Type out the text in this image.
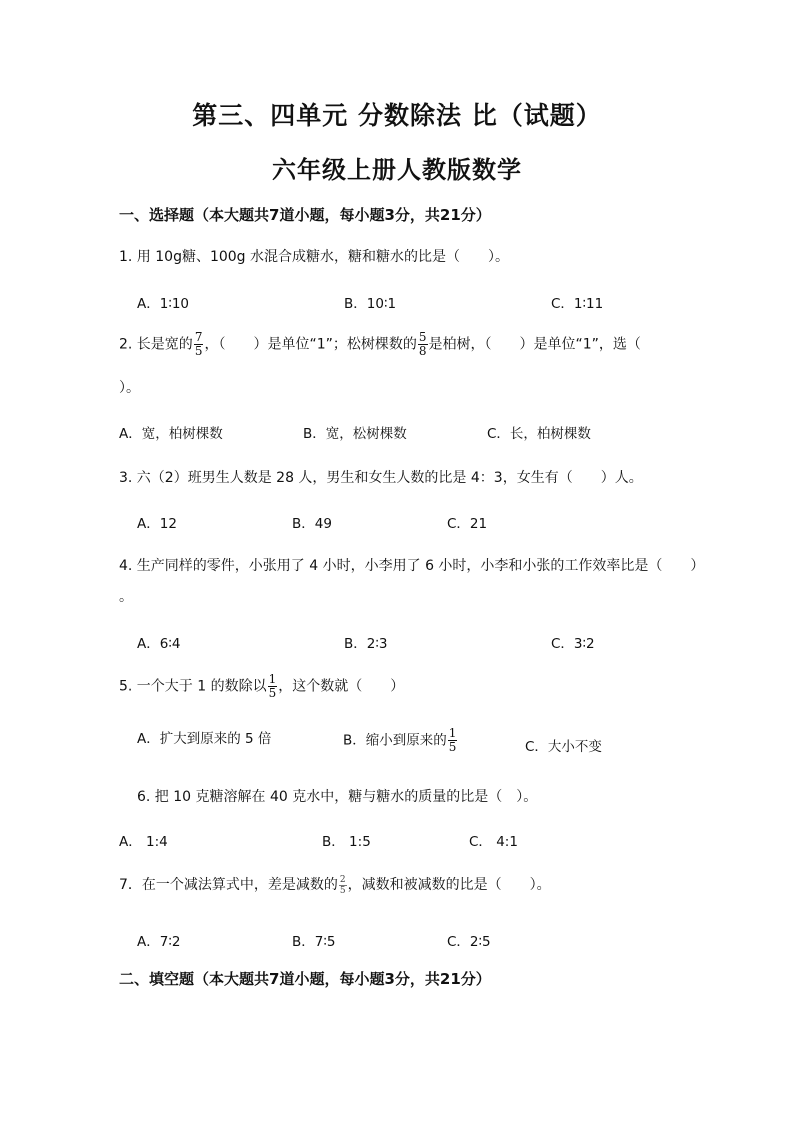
第三、四单元 分数除法 比（试题）
六年级上册人教版数学
一、选择题（本大题共7道小题，每小题3分，共21分）
1. 用 10g糖、100g 水混合成糖水，糖和糖水的比是（　　）。
A．1∶10	B．10∶1	C．1∶11
2. 长是宽的 $\frac{7}{5}$ ，（　　）是单位“1”；松树棵数的 $\frac{5}{8}$ 是柏树，（　　）是单位“1”，选（
）。
A．宽，柏树棵数	B．宽，松树棵数	C．长，柏树棵数
3. 六（2）班男生人数是 28 人，男生和女生人数的比是 4：3，女生有（　　）人。
A．12	B．49	C．21
4. 生产同样的零件，小张用了 4 小时，小李用了 6 小时，小李和小张的工作效率比是（　　）
。
A．6∶4	B．2∶3	C．3∶2
5. 一个大于 1 的数除以 $\frac{1}{5}$ ，这个数就（　　）
A．扩大到原来的 5 倍	B．缩小到原来的 $\frac{1}{5}$	C．大小不变
6. 把 10 克糖溶解在 40 克水中，糖与糖水的质量的比是（　）。
A． 1:4	B． 1:5	C． 4:1
7．在一个减法算式中，差是减数的 $\frac{2}{5}$ ，减数和被减数的比是（　　）。
A．7∶2	B．7∶5	C．2∶5
二、填空题（本大题共7道小题，每小题3分，共21分）
